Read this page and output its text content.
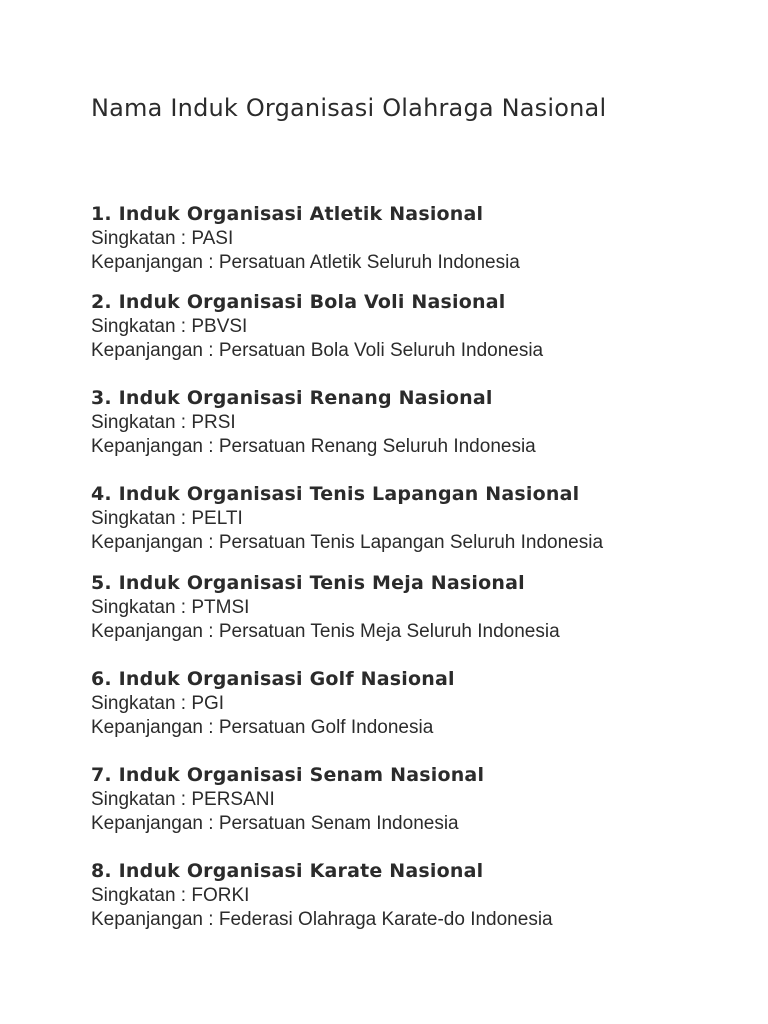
Nama Induk Organisasi Olahraga Nasional
1. Induk Organisasi Atletik Nasional
Singkatan : PASI
Kepanjangan : Persatuan Atletik Seluruh Indonesia
2. Induk Organisasi Bola Voli Nasional
Singkatan : PBVSI
Kepanjangan : Persatuan Bola Voli Seluruh Indonesia
3. Induk Organisasi Renang Nasional
Singkatan : PRSI
Kepanjangan : Persatuan Renang Seluruh Indonesia
4. Induk Organisasi Tenis Lapangan Nasional
Singkatan : PELTI
Kepanjangan : Persatuan Tenis Lapangan Seluruh Indonesia
5. Induk Organisasi Tenis Meja Nasional
Singkatan : PTMSI
Kepanjangan : Persatuan Tenis Meja Seluruh Indonesia
6. Induk Organisasi Golf Nasional
Singkatan : PGI
Kepanjangan : Persatuan Golf Indonesia
7. Induk Organisasi Senam Nasional
Singkatan : PERSANI
Kepanjangan : Persatuan Senam Indonesia
8. Induk Organisasi Karate Nasional
Singkatan : FORKI
Kepanjangan : Federasi Olahraga Karate-do Indonesia
